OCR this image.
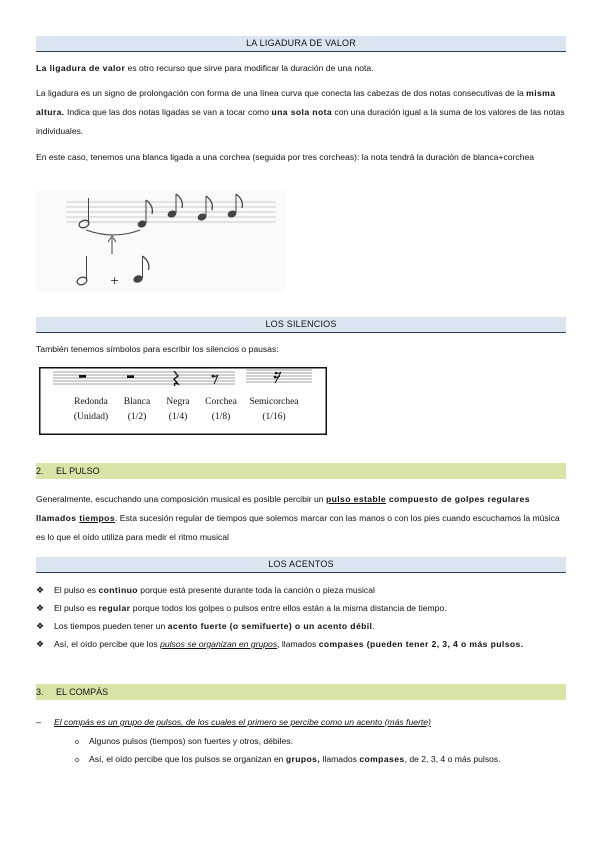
LA LIGADURA DE VALOR
La ligadura de valor es otro recurso que sirve para modificar la duración de una nota.
La ligadura es un signo de prolongación con forma de una línea curva que conecta las cabezas de dos notas consecutivas de la misma altura. Indica que las dos notas ligadas se van a tocar como una sola nota con una duración igual a la suma de los valores de las notas individuales.
En este caso, tenemos una blanca ligada a una corchea (seguida por tres corcheas): la nota tendrá la duración de blanca+corchea
+
LOS SILENCIOS
También tenemos símbolos para escribir los silencios o pausas:
Redonda
(Unidad)
Blanca
(1/2)
Negra
(1/4)
Corchea
(1/8)
Semicorchea
(1/16)
2. EL PULSO
Generalmente, escuchando una composición musical es posible percibir un pulso estable compuesto de golpes regulares llamados tiempos. Esta sucesión regular de tiempos que solemos marcar con las manos o con los pies cuando escuchamos la música es lo que el oído utiliza para medir el ritmo musical
LOS ACENTOS
❖ El pulso es continuo porque está presente durante toda la canción o pieza musical
❖ El pulso es regular porque todos los golpes o pulsos entre ellos están a la misma distancia de tiempo.
❖ Los tiempos pueden tener un acento fuerte (o semifuerte) o un acento débil.
❖ Así, el oído percibe que los pulsos se organizan en grupos, llamados compases (pueden tener 2, 3, 4 o más pulsos.
3. EL COMPÁS
– El compás es un grupo de pulsos, de los cuales el primero se percibe como un acento (más fuerte)
o Algunos pulsos (tiempos) son fuertes y otros, débiles.
o Así, el oído percibe que los pulsos se organizan en grupos, llamados compases, de 2, 3, 4 o más pulsos.
